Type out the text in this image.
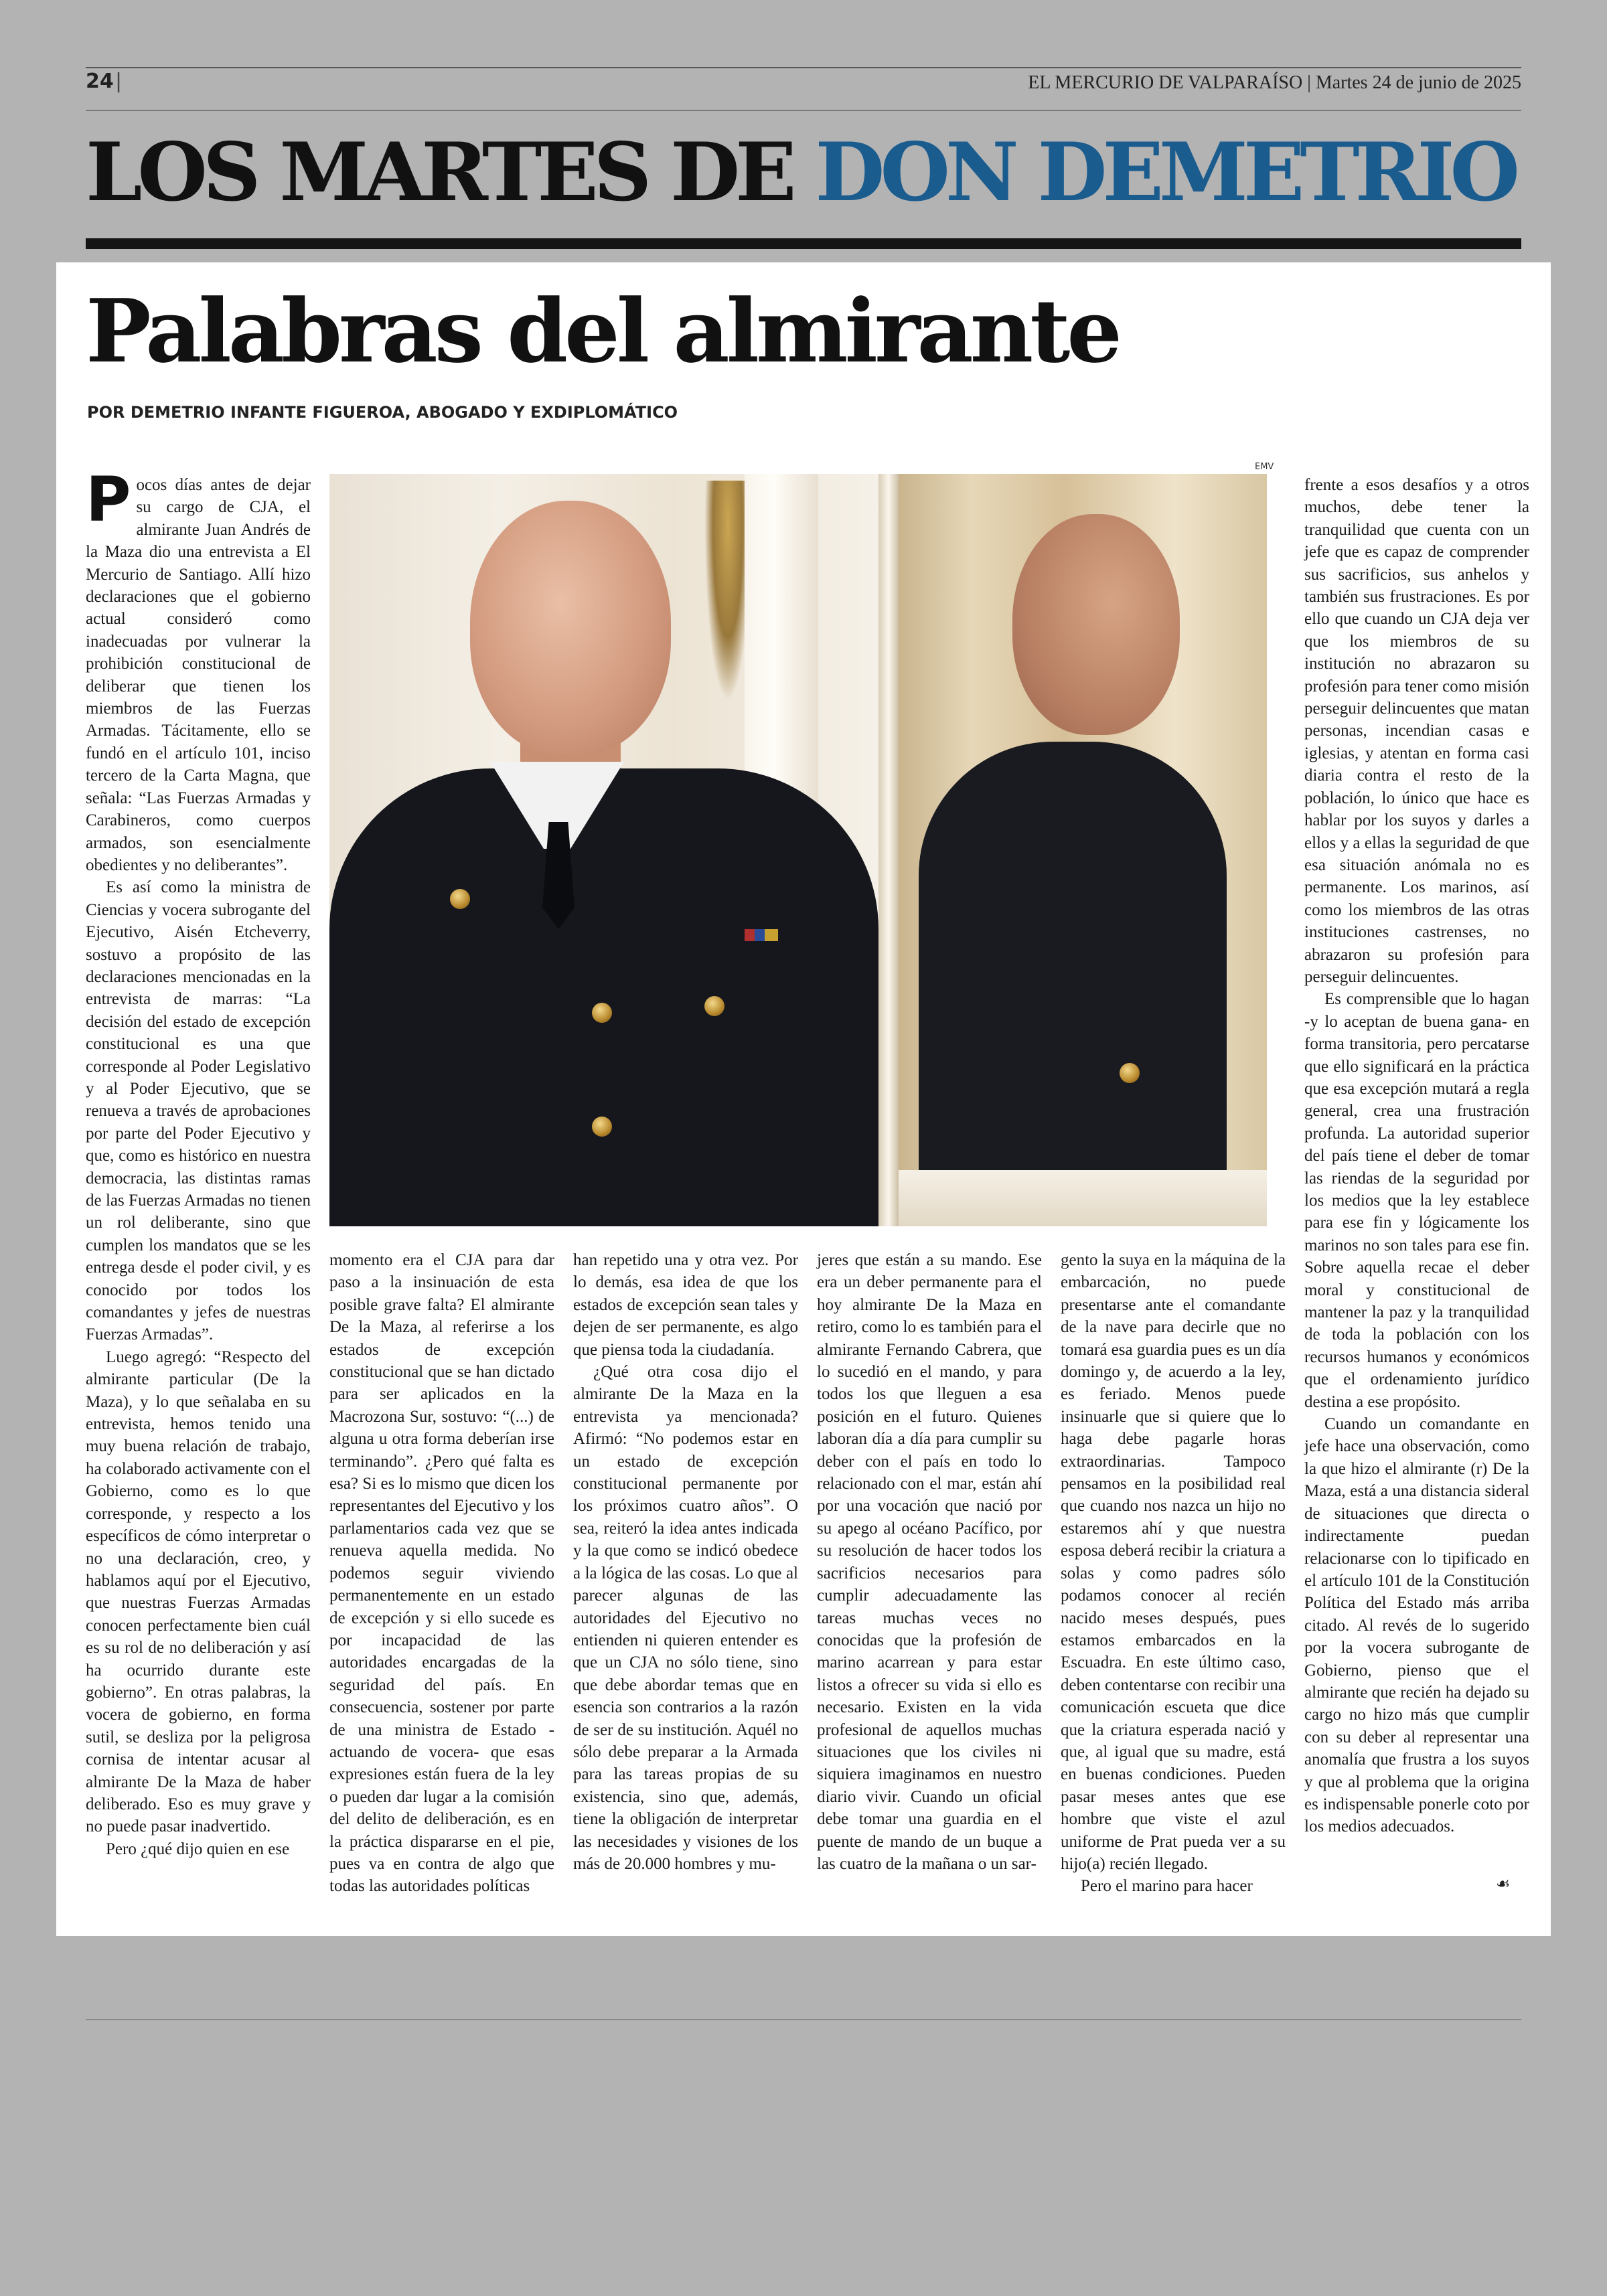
24 |	EL MERCURIO DE VALPARAÍSO | Martes 24 de junio de 2025
LOS MARTES DE DON DEMETRIO
Palabras del almirante
POR DEMETRIO INFANTE FIGUEROA, ABOGADO Y EXDIPLOMÁTICO
EMV

Pocos días antes de dejar su cargo de CJA, el almirante Juan Andrés de la Maza dio una entrevista a El Mercurio de Santiago. Allí hizo declaraciones que el gobierno actual consideró como inadecuadas por vulnerar la prohibición constitucional de deliberar que tienen los miembros de las Fuerzas Armadas. Tácitamente, ello se fundó en el artículo 101, inciso tercero de la Carta Magna, que señala: “Las Fuerzas Armadas y Carabineros, como cuerpos armados, son esencialmente obedientes y no deliberantes”.

Es así como la ministra de Ciencias y vocera subrogante del Ejecutivo, Aisén Etcheverry, sostuvo a propósito de las declaraciones mencionadas en la entrevista de marras: “La decisión del estado de excepción constitucional es una que corresponde al Poder Legislativo y al Poder Ejecutivo, que se renueva a través de aprobaciones por parte del Poder Ejecutivo y que, como es histórico en nuestra democracia, las distintas ramas de las Fuerzas Armadas no tienen un rol deliberante, sino que cumplen los mandatos que se les entrega desde el poder civil, y es conocido por todos los comandantes y jefes de nuestras Fuerzas Armadas”.

Luego agregó: “Respecto del almirante particular (De la Maza), y lo que señalaba en su entrevista, hemos tenido una muy buena relación de trabajo, ha colaborado activamente con el Gobierno, como es lo que corresponde, y respecto a los específicos de cómo interpretar o no una declaración, creo, y hablamos aquí por el Ejecutivo, que nuestras Fuerzas Armadas conocen perfectamente bien cuál es su rol de no deliberación y así ha ocurrido durante este gobierno”. En otras palabras, la vocera de gobierno, en forma sutil, se desliza por la peligrosa cornisa de intentar acusar al almirante De la Maza de haber deliberado. Eso es muy grave y no puede pasar inadvertido.

Pero ¿qué dijo quien en ese

momento era el CJA para dar paso a la insinuación de esta posible grave falta? El almirante De la Maza, al referirse a los estados de excepción constitucional que se han dictado para ser aplicados en la Macrozona Sur, sostuvo: “(...) de alguna u otra forma deberían irse terminando”. ¿Pero qué falta es esa? Si es lo mismo que dicen los representantes del Ejecutivo y los parlamentarios cada vez que se renueva aquella medida. No podemos seguir viviendo permanentemente en un estado de excepción y si ello sucede es por incapacidad de las autoridades encargadas de la seguridad del país. En consecuencia, sostener por parte de una ministra de Estado -actuando de vocera- que esas expresiones están fuera de la ley o pueden dar lugar a la comisión del delito de deliberación, es en la práctica dispararse en el pie, pues va en contra de algo que todas las autoridades políticas

han repetido una y otra vez. Por lo demás, esa idea de que los estados de excepción sean tales y dejen de ser permanente, es algo que piensa toda la ciudadanía.

¿Qué otra cosa dijo el almirante De la Maza en la entrevista ya mencionada? Afirmó: “No podemos estar en un estado de excepción constitucional permanente por los próximos cuatro años”. O sea, reiteró la idea antes indicada y la que como se indicó obedece a la lógica de las cosas. Lo que al parecer algunas de las autoridades del Ejecutivo no entienden ni quieren entender es que un CJA no sólo tiene, sino que debe abordar temas que en esencia son contrarios a la razón de ser de su institución. Aquél no sólo debe preparar a la Armada para las tareas propias de su existencia, sino que, además, tiene la obligación de interpretar las necesidades y visiones de los más de 20.000 hombres y mu-

jeres que están a su mando. Ese era un deber permanente para el hoy almirante De la Maza en retiro, como lo es también para el almirante Fernando Cabrera, que lo sucedió en el mando, y para todos los que lleguen a esa posición en el futuro. Quienes laboran día a día para cumplir su deber con el país en todo lo relacionado con el mar, están ahí por una vocación que nació por su apego al océano Pacífico, por su resolución de hacer todos los sacrificios necesarios para cumplir adecuadamente las tareas muchas veces no conocidas que la profesión de marino acarrean y para estar listos a ofrecer su vida si ello es necesario. Existen en la vida profesional de aquellos muchas situaciones que los civiles ni siquiera imaginamos en nuestro diario vivir. Cuando un oficial debe tomar una guardia en el puente de mando de un buque a las cuatro de la mañana o un sar-

gento la suya en la máquina de la embarcación, no puede presentarse ante el comandante de la nave para decirle que no tomará esa guardia pues es un día domingo y, de acuerdo a la ley, es feriado. Menos puede insinuarle que si quiere que lo haga debe pagarle horas extraordinarias. Tampoco pensamos en la posibilidad real que cuando nos nazca un hijo no estaremos ahí y que nuestra esposa deberá recibir la criatura a solas y como padres sólo podamos conocer al recién nacido meses después, pues estamos embarcados en la Escuadra. En este último caso, deben contentarse con recibir una comunicación escueta que dice que la criatura esperada nació y que, al igual que su madre, está en buenas condiciones. Pueden pasar meses antes que ese hombre que viste el azul uniforme de Prat pueda ver a su hijo(a) recién llegado.

Pero el marino para hacer

frente a esos desafíos y a otros muchos, debe tener la tranquilidad que cuenta con un jefe que es capaz de comprender sus sacrificios, sus anhelos y también sus frustraciones. Es por ello que cuando un CJA deja ver que los miembros de su institución no abrazaron su profesión para tener como misión perseguir delincuentes que matan personas, incendian casas e iglesias, y atentan en forma casi diaria contra el resto de la población, lo único que hace es hablar por los suyos y darles a ellos y a ellas la seguridad de que esa situación anómala no es permanente. Los marinos, así como los miembros de las otras instituciones castrenses, no abrazaron su profesión para perseguir delincuentes.

Es comprensible que lo hagan -y lo aceptan de buena gana- en forma transitoria, pero percatarse que ello significará en la práctica que esa excepción mutará a regla general, crea una frustración profunda. La autoridad superior del país tiene el deber de tomar las riendas de la seguridad por los medios que la ley establece para ese fin y lógicamente los marinos no son tales para ese fin. Sobre aquella recae el deber moral y constitucional de mantener la paz y la tranquilidad de toda la población con los recursos humanos y económicos que el ordenamiento jurídico destina a ese propósito.

Cuando un comandante en jefe hace una observación, como la que hizo el almirante (r) De la Maza, está a una distancia sideral de situaciones que directa o indirectamente puedan relacionarse con lo tipificado en el artículo 101 de la Constitución Política del Estado más arriba citado. Al revés de lo sugerido por la vocera subrogante de Gobierno, pienso que el almirante que recién ha dejado su cargo no hizo más que cumplir con su deber al representar una anomalía que frustra a los suyos y que al problema que la origina es indispensable ponerle coto por los medios adecuados.

☙
